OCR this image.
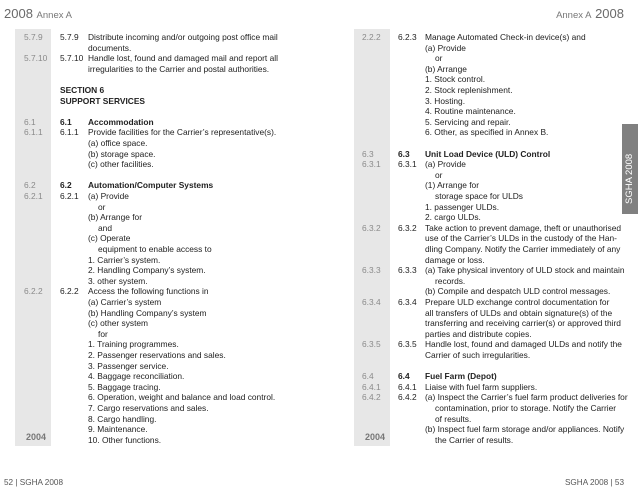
2008 Annex A	Annex A 2008
2004	2004
SGHA 2008
5.7.9 5.7.9 Distribute incoming and/or outgoing post office mail
documents.
5.7.10 5.7.10 Handle lost, found and damaged mail and report all
irregularities to the Carrier and postal authorities.
SECTION 6
SUPPORT SERVICES
6.1	6.1 Accommodation
6.1.1 6.1.1 Provide facilities for the Carrier’s representative(s).
(a) office space.
(b) storage space.
(c) other facilities.
6.2	6.2 Automation/Computer Systems
6.2.1 6.2.1 (a) Provide
or
(b) Arrange for
and
(c) Operate
equipment to enable access to
1. Carrier’s system.
2. Handling Company’s system.
3. other system.
6.2.2 6.2.2 Access the following functions in
(a) Carrier’s system
(b) Handling Company’s system
(c) other system
for
1. Training programmes.
2. Passenger reservations and sales.
3. Passenger service.
4. Baggage reconciliation.
5. Baggage tracing.
6. Operation, weight and balance and load control.
7. Cargo reservations and sales.
8. Cargo handling.
9. Maintenance.
10. Other functions.
2.2.2 6.2.3 Manage Automated Check-in device(s) and
(a) Provide
or
(b) Arrange
1. Stock control.
2. Stock replenishment.
3. Hosting.
4. Routine maintenance.
5. Servicing and repair.
6. Other, as specified in Annex B.
6.3	6.3 Unit Load Device (ULD) Control
6.3.1 6.3.1 (a) Provide
or
(1) Arrange for
storage space for ULDs
1. passenger ULDs.
2. cargo ULDs.
6.3.2 6.3.2 Take action to prevent damage, theft or unauthorised
use of the Carrier’s ULDs in the custody of the Han-
dling Company. Notify the Carrier immediately of any
damage or loss.
6.3.3 6.3.3 (a) Take physical inventory of ULD stock and maintain
records.
(b) Compile and despatch ULD control messages.
6.3.4 6.3.4 Prepare ULD exchange control documentation for
all transfers of ULDs and obtain signature(s) of the
transferring and receiving carrier(s) or approved third
parties and distribute copies.
6.3.5 6.3.5 Handle lost, found and damaged ULDs and notify the
Carrier of such irregularities.
6.4	6.4 Fuel Farm (Depot)
6.4.1 6.4.1 Liaise with fuel farm suppliers.
6.4.2 6.4.2 (a) Inspect the Carrier’s fuel farm product deliveries for
contamination, prior to storage. Notify the Carrier
of results.
(b) Inspect fuel farm storage and/or appliances. Notify
the Carrier of results.
52 | SGHA 2008	SGHA 2008 | 53
